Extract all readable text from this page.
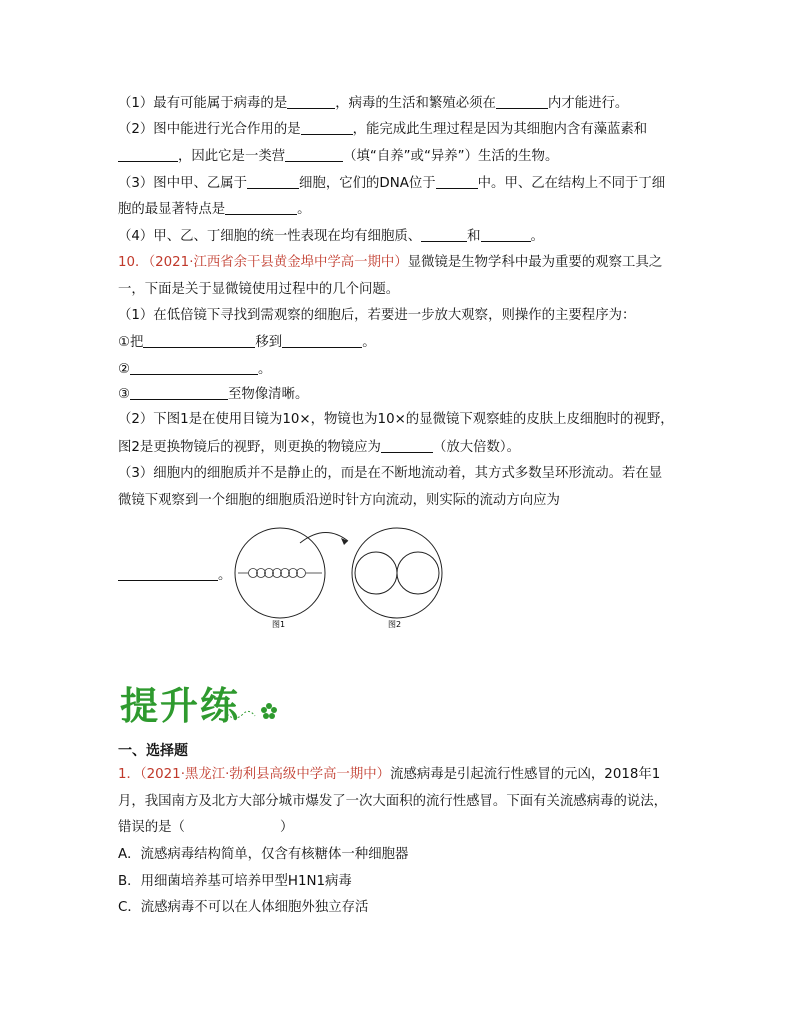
（1）最有可能属于病毒的是	，病毒的生活和繁殖必须在	内才能进行。
（2）图中能进行光合作用的是	，能完成此生理过程是因为其细胞内含有藻蓝素和
，因此它是一类营	（填“自养”或“异养”）生活的生物。
（3）图中甲、乙属于	细胞，它们的DNA位于	中。甲、乙在结构上不同于丁细
胞的最显著特点是	。
（4）甲、乙、丁细胞的统一性表现在均有细胞质、	和	。
10．（2021·江西省余干县黄金埠中学高一期中）显微镜是生物学科中最为重要的观察工具之
一，下面是关于显微镜使用过程中的几个问题。
（1）在低倍镜下寻找到需观察的细胞后，若要进一步放大观察，则操作的主要程序为：
①把	移到	。
②	。
③	至物像清晰。
（2）下图1是在使用目镜为10×，物镜也为10×的显微镜下观察蛙的皮肤上皮细胞时的视野，
图2是更换物镜后的视野，则更换的物镜应为	（放大倍数）。
（3）细胞内的细胞质并不是静止的，而是在不断地流动着，其方式多数呈环形流动。若在显
微镜下观察到一个细胞的细胞质沿逆时针方向流动，则实际的流动方向应为
。
图1	图2
提升练
一、选择题
1．（2021·黑龙江·勃利县高级中学高一期中）流感病毒是引起流行性感冒的元凶，2018年1
月，我国南方及北方大部分城市爆发了一次大面积的流行性感冒。下面有关流感病毒的说法，
错误的是（	）
A．流感病毒结构简单，仅含有核糖体一种细胞器
B．用细菌培养基可培养甲型H1N1病毒
C．流感病毒不可以在人体细胞外独立存活
